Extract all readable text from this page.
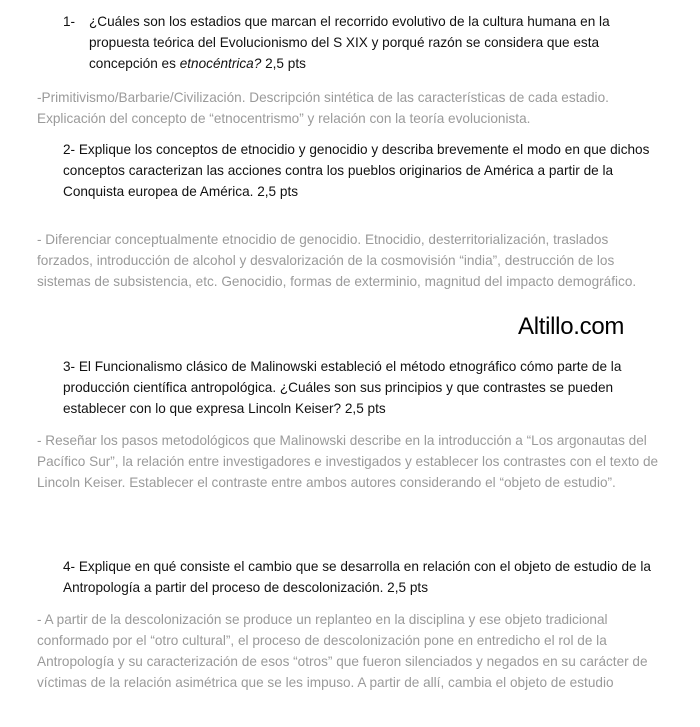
1- ¿Cuáles son los estadios que marcan el recorrido evolutivo de la cultura humana en la propuesta teórica del Evolucionismo del S XIX y porqué razón se considera que esta concepción es etnocéntrica? 2,5 pts

-Primitivismo/Barbarie/Civilización. Descripción sintética de las características de cada estadio. Explicación del concepto de “etnocentrismo” y relación con la teoría evolucionista.

2- Explique los conceptos de etnocidio y genocidio y describa brevemente el modo en que dichos conceptos caracterizan las acciones contra los pueblos originarios de América a partir de la Conquista europea de América. 2,5 pts

- Diferenciar conceptualmente etnocidio de genocidio. Etnocidio, desterritorialización, traslados forzados, introducción de alcohol y desvalorización de la cosmovisión “india”, destrucción de los sistemas de subsistencia, etc. Genocidio, formas de exterminio, magnitud del impacto demográfico.

Altillo.com

3- El Funcionalismo clásico de Malinowski estableció el método etnográfico cómo parte de la producción científica antropológica. ¿Cuáles son sus principios y que contrastes se pueden establecer con lo que expresa Lincoln Keiser? 2,5 pts

- Reseñar los pasos metodológicos que Malinowski describe en la introducción a “Los argonautas del Pacífico Sur”, la relación entre investigadores e investigados y establecer los contrastes con el texto de Lincoln Keiser. Establecer el contraste entre ambos autores considerando el “objeto de estudio”.

4- Explique en qué consiste el cambio que se desarrolla en relación con el objeto de estudio de la Antropología a partir del proceso de descolonización. 2,5 pts

- A partir de la descolonización se produce un replanteo en la disciplina y ese objeto tradicional conformado por el “otro cultural”, el proceso de descolonización pone en entredicho el rol de la Antropología y su caracterización de esos “otros” que fueron silenciados y negados en su carácter de víctimas de la relación asimétrica que se les impuso. A partir de allí, cambia el objeto de estudio
